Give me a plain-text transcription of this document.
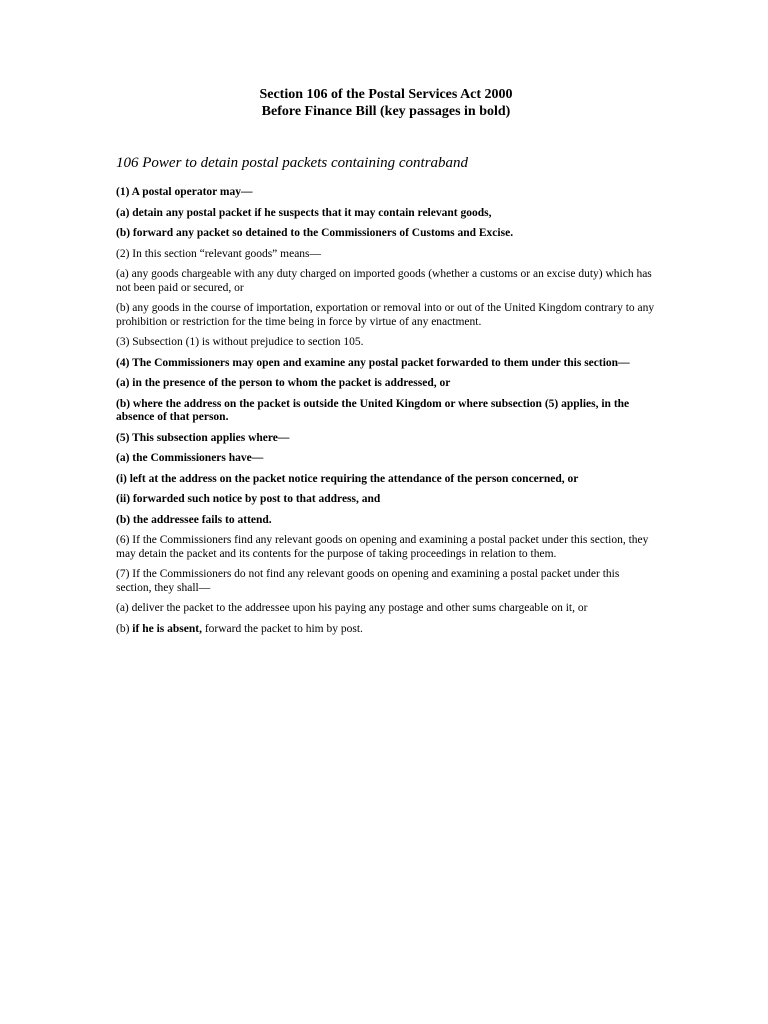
Section 106 of the Postal Services Act 2000

Before Finance Bill (key passages in bold)

106 Power to detain postal packets containing contraband

(1) A postal operator may—

(a) detain any postal packet if he suspects that it may contain relevant goods,

(b) forward any packet so detained to the Commissioners of Customs and Excise.

(2) In this section “relevant goods” means—

(a) any goods chargeable with any duty charged on imported goods (whether a customs or an excise duty) which has not been paid or secured, or

(b) any goods in the course of importation, exportation or removal into or out of the United Kingdom contrary to any prohibition or restriction for the time being in force by virtue of any enactment.

(3) Subsection (1) is without prejudice to section 105.

(4) The Commissioners may open and examine any postal packet forwarded to them under this section—

(a) in the presence of the person to whom the packet is addressed, or

(b) where the address on the packet is outside the United Kingdom or where subsection (5) applies, in the absence of that person.

(5) This subsection applies where—

(a) the Commissioners have—

(i) left at the address on the packet notice requiring the attendance of the person concerned, or

(ii) forwarded such notice by post to that address, and

(b) the addressee fails to attend.

(6) If the Commissioners find any relevant goods on opening and examining a postal packet under this section, they may detain the packet and its contents for the purpose of taking proceedings in relation to them.

(7) If the Commissioners do not find any relevant goods on opening and examining a postal packet under this section, they shall—

(a) deliver the packet to the addressee upon his paying any postage and other sums chargeable on it, or

(b) if he is absent, forward the packet to him by post.
